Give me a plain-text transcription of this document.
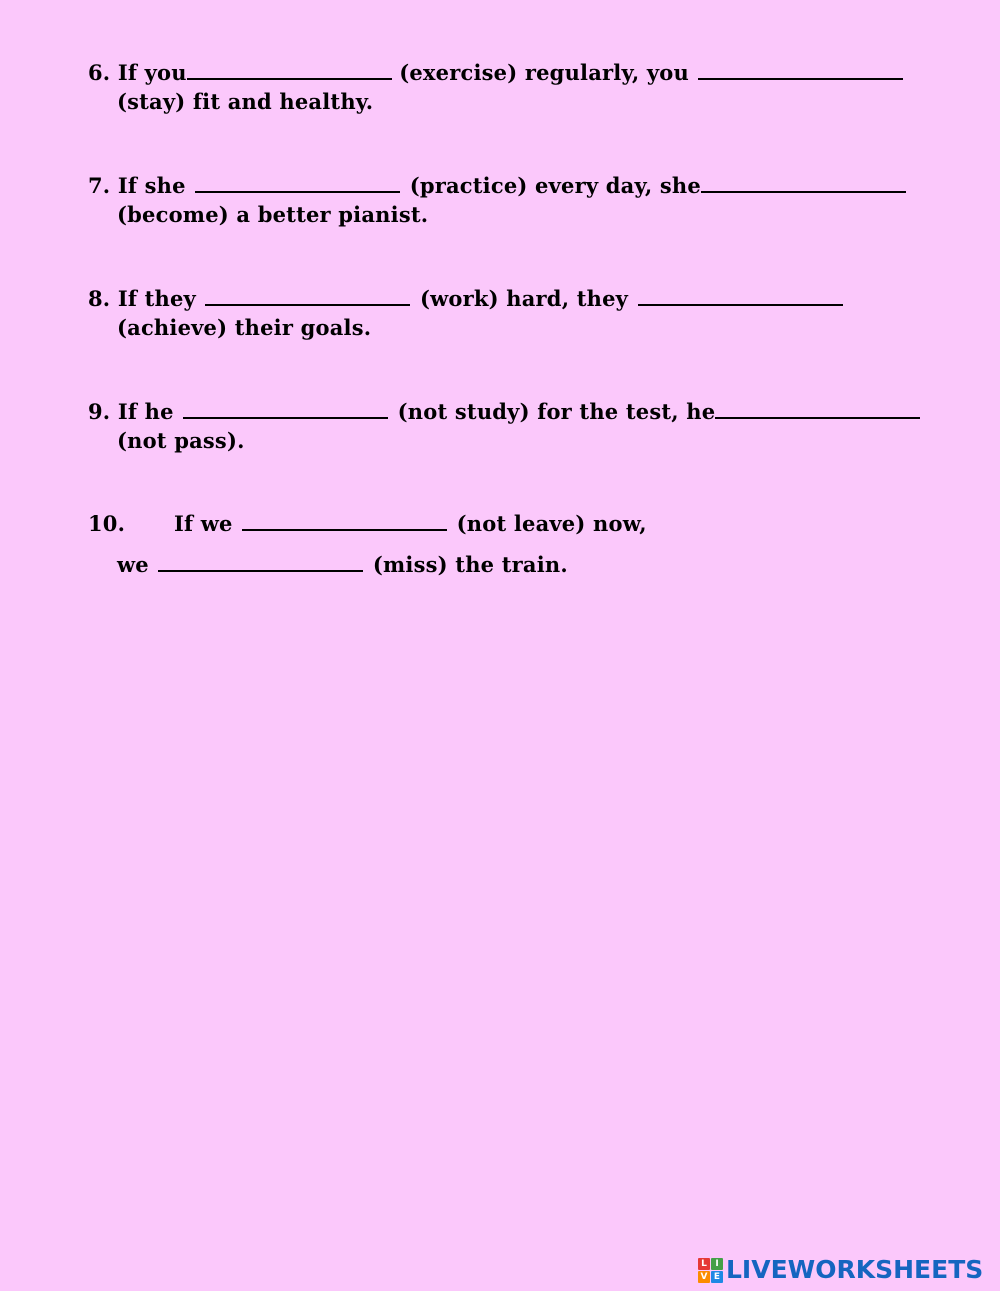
6. If you	(exercise) regularly, you
(stay) fit and healthy.
7. If she	(practice) every day, she
(become) a better pianist.
8. If they	(work) hard, they
(achieve) their goals.
9. If he	(not study) for the test, he
(not pass).
10. If we	(not leave) now,
we	(miss) the train.
L I
V E LIVEWORKSHEETS
